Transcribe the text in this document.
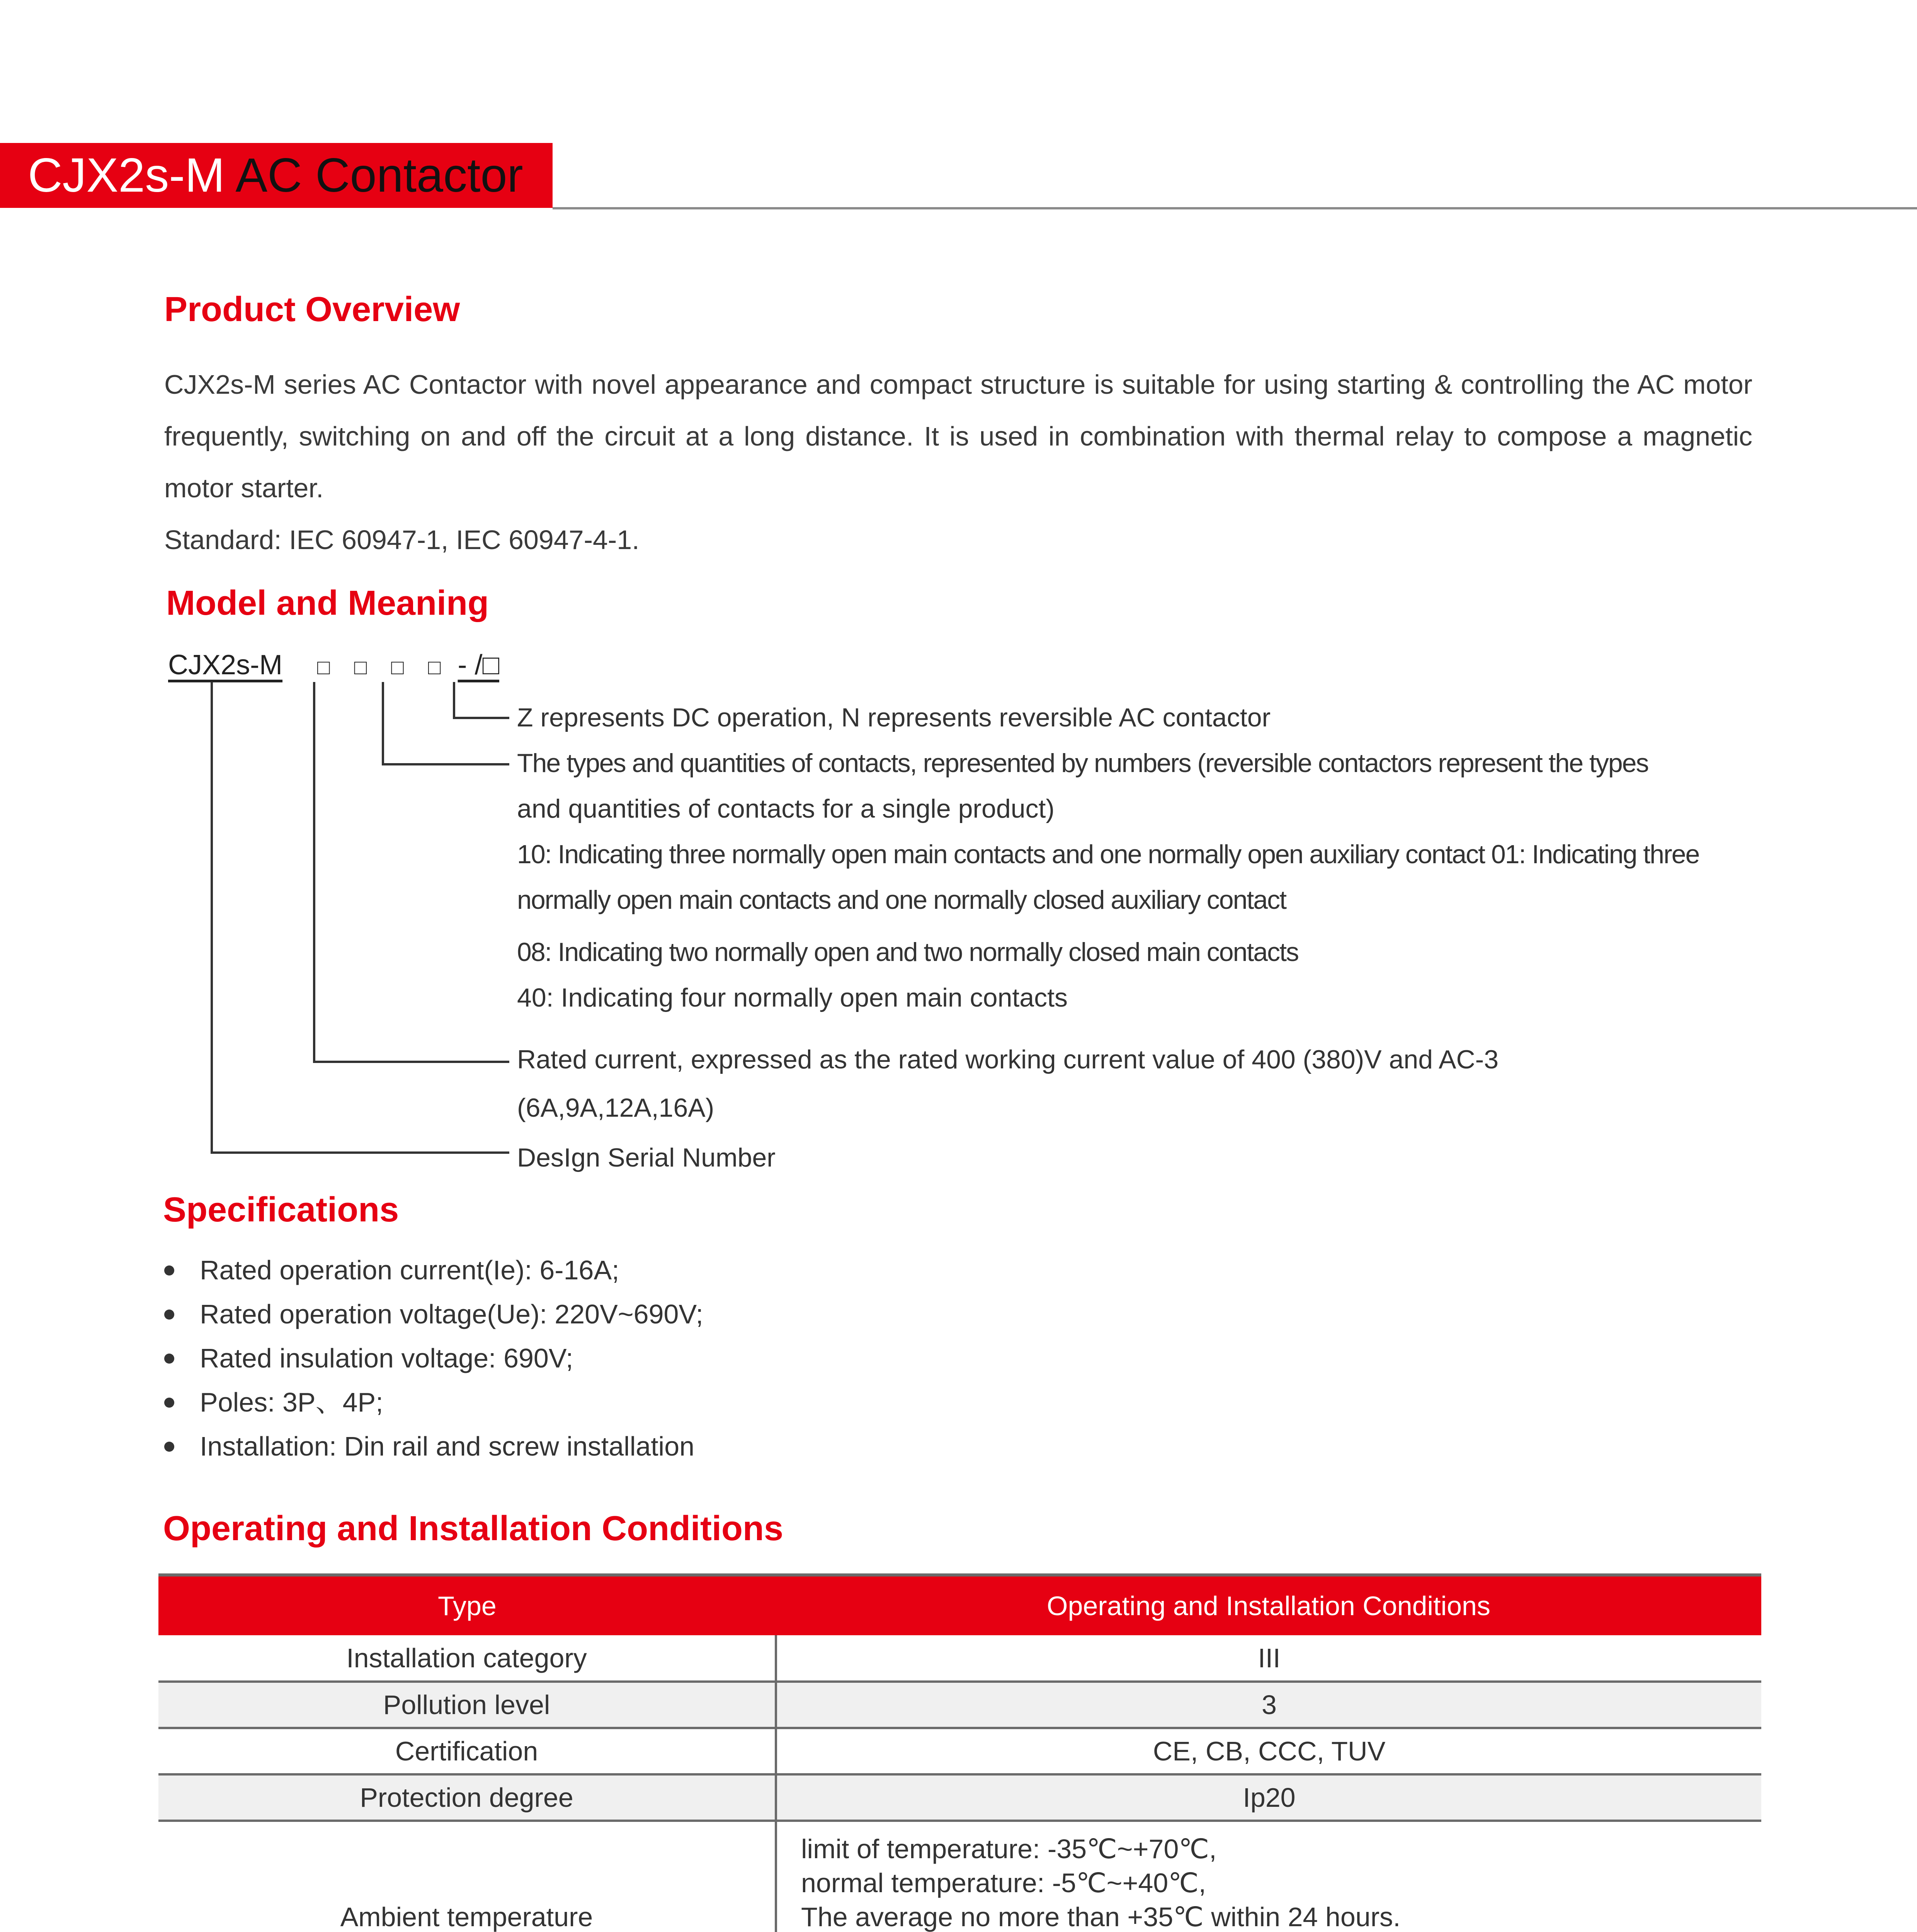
CJX2s-M AC Contactor
Product Overview

CJX2s-M series AC Contactor with novel appearance and compact structure is suitable for using starting & controlling the AC motor frequently, switching on and off the circuit at a long distance. It is used in combination with thermal relay to compose a magnetic motor starter.

Standard: IEC 60947-1, IEC 60947-4-1.

Model and Meaning
CJX2s-M □ □ □ □ - /□
Z represents DC operation, N represents reversible AC contactor
The types and quantities of contacts, represented by numbers (reversible contactors represent the types
and quantities of contacts for a single product)
10: Indicating three normally open main contacts and one normally open auxiliary contact 01: Indicating three
normally open main contacts and one normally closed auxiliary contact
08: Indicating two normally open and two normally closed main contacts
40: Indicating four normally open main contacts
Rated current, expressed as the rated working current value of 400 (380)V and AC-3
(6A,9A,12A,16A)
DesIgn Serial Number
Specifications
Rated operation current(Ie): 6-16A;
Rated operation voltage(Ue): 220V~690V;
Rated insulation voltage: 690V;
Poles: 3P、4P;
Installation: Din rail and screw installation
Operating and Installation Conditions
Type	Operating and Installation Conditions
Installation category	III
Pollution level	3
Certification	CE, CB, CCC, TUV
Protection degree	Ip20
Ambient temperature	limit of temperature: -35℃~+70℃,
normal temperature: -5℃~+40℃,
The average no more than +35℃ within 24 hours.
